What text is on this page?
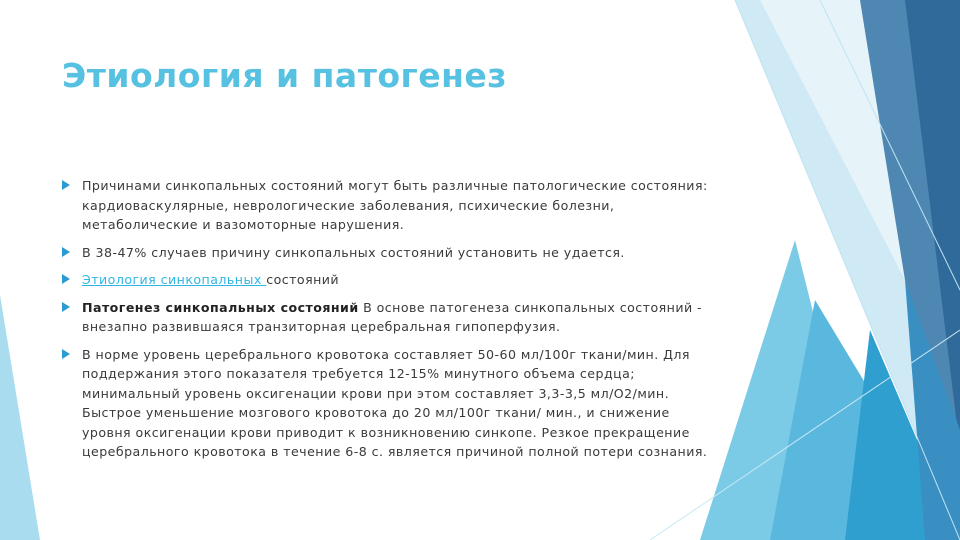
Этиология и патогенез
Причинами синкопальных состояний могут быть различные патологические состояния: кардиоваскулярные, неврологические заболевания, психические болезни, метаболические и вазомоторные нарушения.
В 38-47% случаев причину синкопальных состояний установить не удается.
Этиология синкопальных состояний
Патогенез синкопальных состояний В основе патогенеза синкопальных состояний - внезапно развившаяся транзиторная церебральная гипоперфузия.
В норме уровень церебрального кровотока составляет 50-60 мл/100г ткани/мин. Для поддержания этого показателя требуется 12-15% минутного объема сердца; минимальный уровень оксигенации крови при этом составляет 3,3-3,5 мл/О2/мин. Быстрое уменьшение мозгового кровотока до 20 мл/100г ткани/ мин., и снижение уровня оксигенации крови приводит к возникновению синкопе. Резкое прекращение церебрального кровотока в течение 6-8 с. является причиной полной потери сознания.
